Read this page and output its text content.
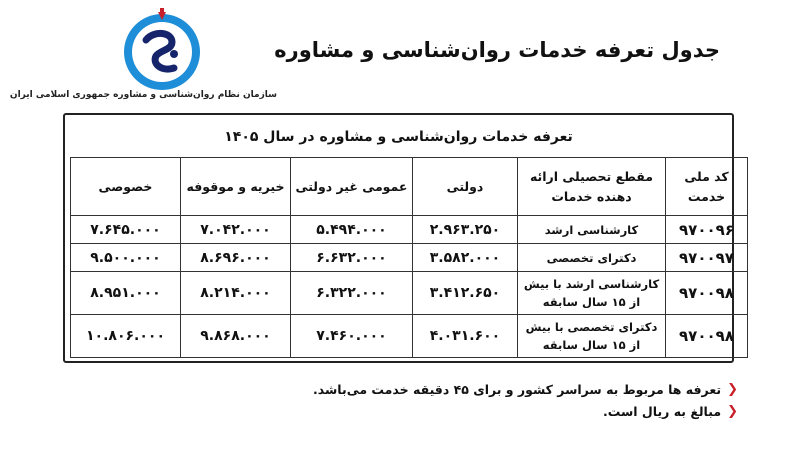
سازمان نظام روان‌شناسی و مشاوره جمهوری اسلامی ایران
جدول تعرفه خدمات روان‌شناسی و مشاوره
تعرفه خدمات روان‌شناسی و مشاوره در سال ۱۴۰۵
کد ملی خدمت	مقطع تحصیلی ارائه دهنده خدمات	دولتی	عمومی غیر دولتی	خیریه و موقوفه	خصوصی
۹۷۰۰۹۶	کارشناسی ارشد	۲.۹۶۳.۲۵۰	۵.۴۹۴.۰۰۰	۷.۰۴۲.۰۰۰	۷.۶۴۵.۰۰۰
۹۷۰۰۹۷	دکترای تخصصی	۳.۵۸۲.۰۰۰	۶.۶۳۲.۰۰۰	۸.۶۹۶.۰۰۰	۹.۵۰۰.۰۰۰
۹۷۰۰۹۸	کارشناسی ارشد با بیش از ۱۵ سال سابقه	۳.۴۱۲.۶۵۰	۶.۳۲۲.۰۰۰	۸.۲۱۴.۰۰۰	۸.۹۵۱.۰۰۰
۹۷۰۰۹۸	دکترای تخصصی با بیش از ۱۵ سال سابقه	۴.۰۳۱.۶۰۰	۷.۴۶۰.۰۰۰	۹.۸۶۸.۰۰۰	۱۰.۸۰۶.۰۰۰
❮
تعرفه ها مربوط به سراسر کشور و برای ۴۵ دقیقه خدمت می‌باشد.
❮
مبالغ به ریال است.
